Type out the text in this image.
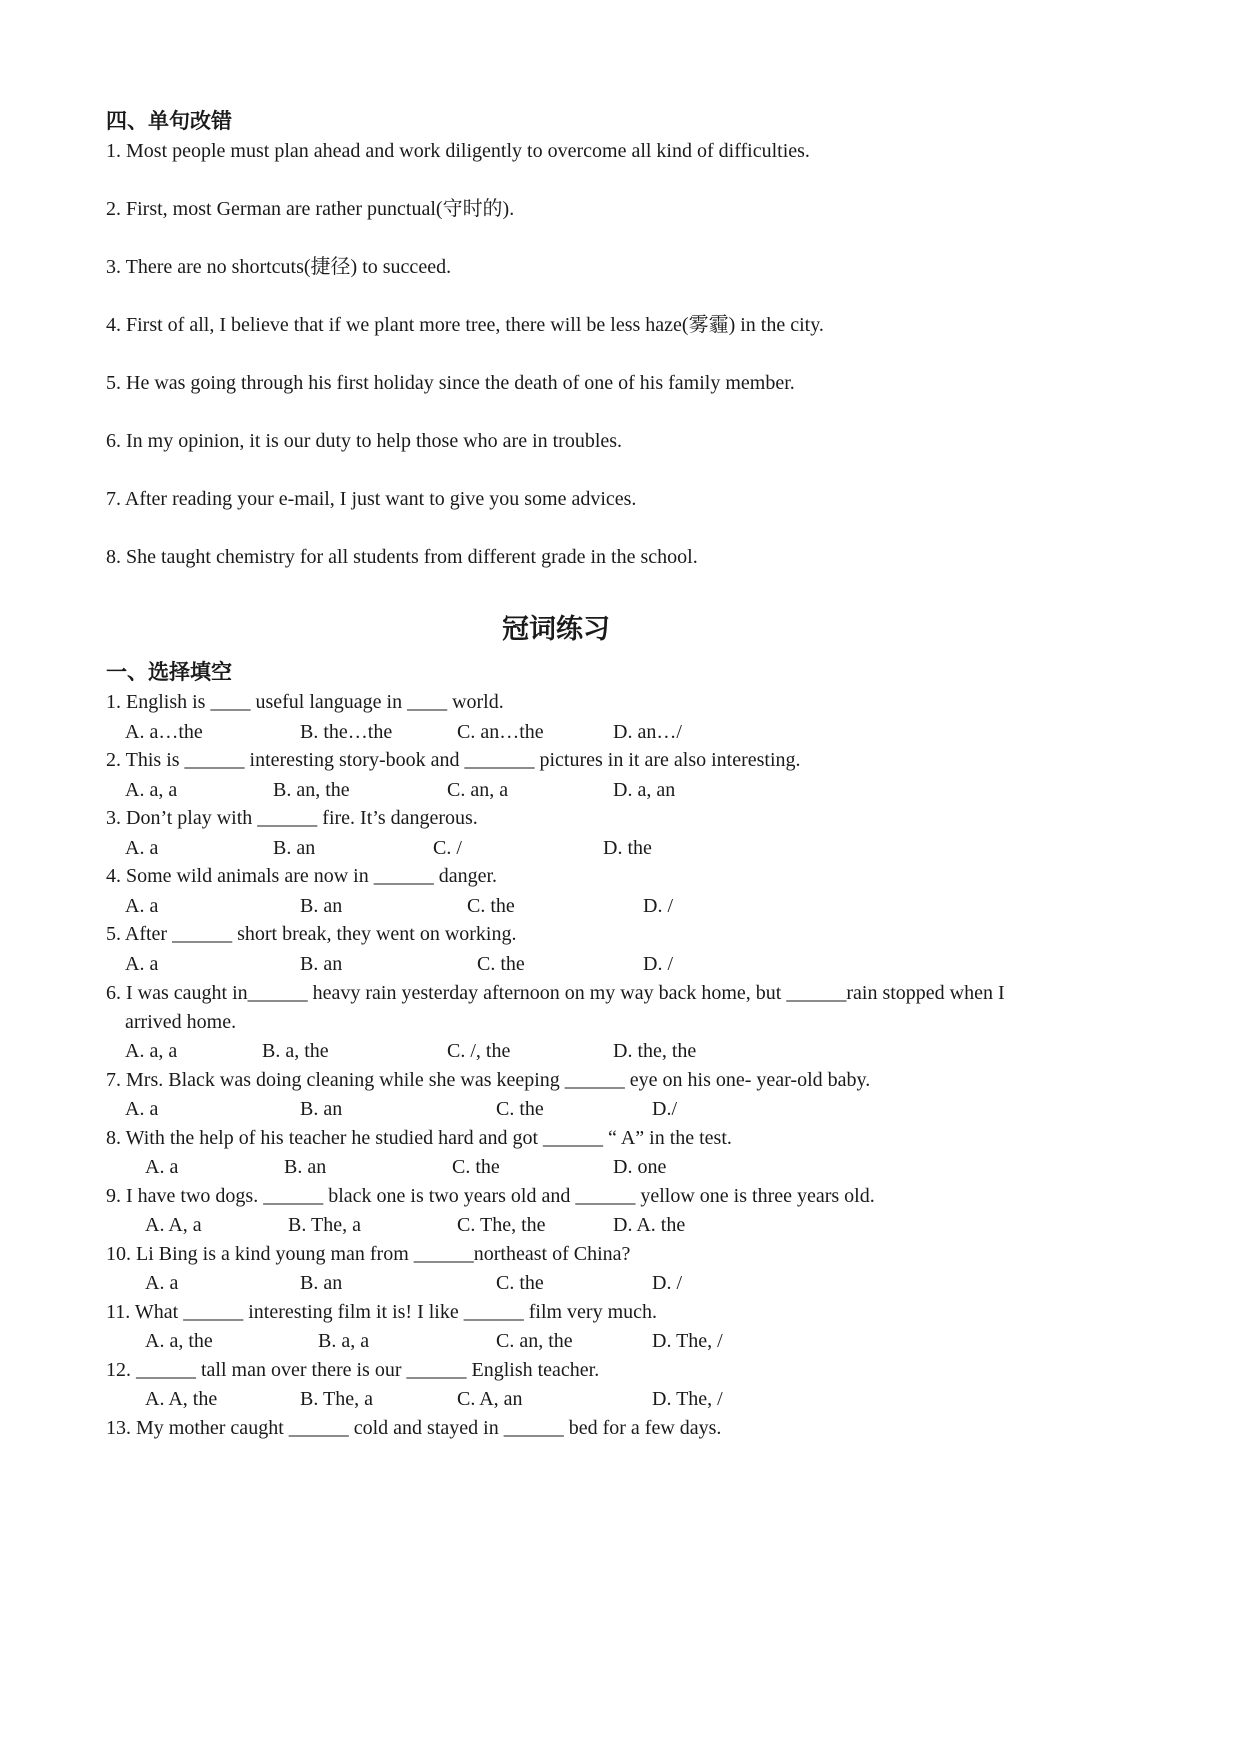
四、单句改错
1. Most people must plan ahead and work diligently to overcome all kind of difficulties.
2. First, most German are rather punctual(守时的).
3. There are no shortcuts(捷径) to succeed.
4. First of all, I believe that if we plant more tree, there will be less haze(雾霾) in the city.
5. He was going through his first holiday since the death of one of his family member.
6. In my opinion, it is our duty to help those who are in troubles.
7. After reading your e-mail, I just want to give you some advices.
8. She taught chemistry for all students from different grade in the school.
冠词练习
一、选择填空
1. English is ____ useful language in ____ world.
A. a…the	B. the…the	C. an…the	D. an…/
2. This is ______ interesting story-book and _______ pictures in it are also interesting.
A. a, a	B. an, the	C. an, a	D. a, an
3. Don’t play with ______ fire. It’s dangerous.
A. a	B. an	C. /	D. the
4. Some wild animals are now in ______ danger.
A. a	B. an	C. the	D. /
5. After ______ short break, they went on working.
A. a	B. an	C. the	D. /
6. I was caught in______ heavy rain yesterday afternoon on my way back home, but ______rain stopped when I
arrived home.
A. a, a	B. a, the	C. /, the	D. the, the
7. Mrs. Black was doing cleaning while she was keeping ______ eye on his one- year-old baby.
A. a	B. an	C. the	D./
8. With the help of his teacher he studied hard and got ______ “ A” in the test.
A. a	B. an	C. the	D. one
9. I have two dogs. ______ black one is two years old and ______ yellow one is three years old.
A. A, a	B. The, a	C. The, the	D. A. the
10. Li Bing is a kind young man from ______northeast of China?
A. a	B. an	C. the	D. /
11. What ______ interesting film it is! I like ______ film very much.
A. a, the	B. a, a	C. an, the	D. The, /
12. ______ tall man over there is our ______ English teacher.
A. A, the	B. The, a	C. A, an	D. The, /
13. My mother caught ______ cold and stayed in ______ bed for a few days.
